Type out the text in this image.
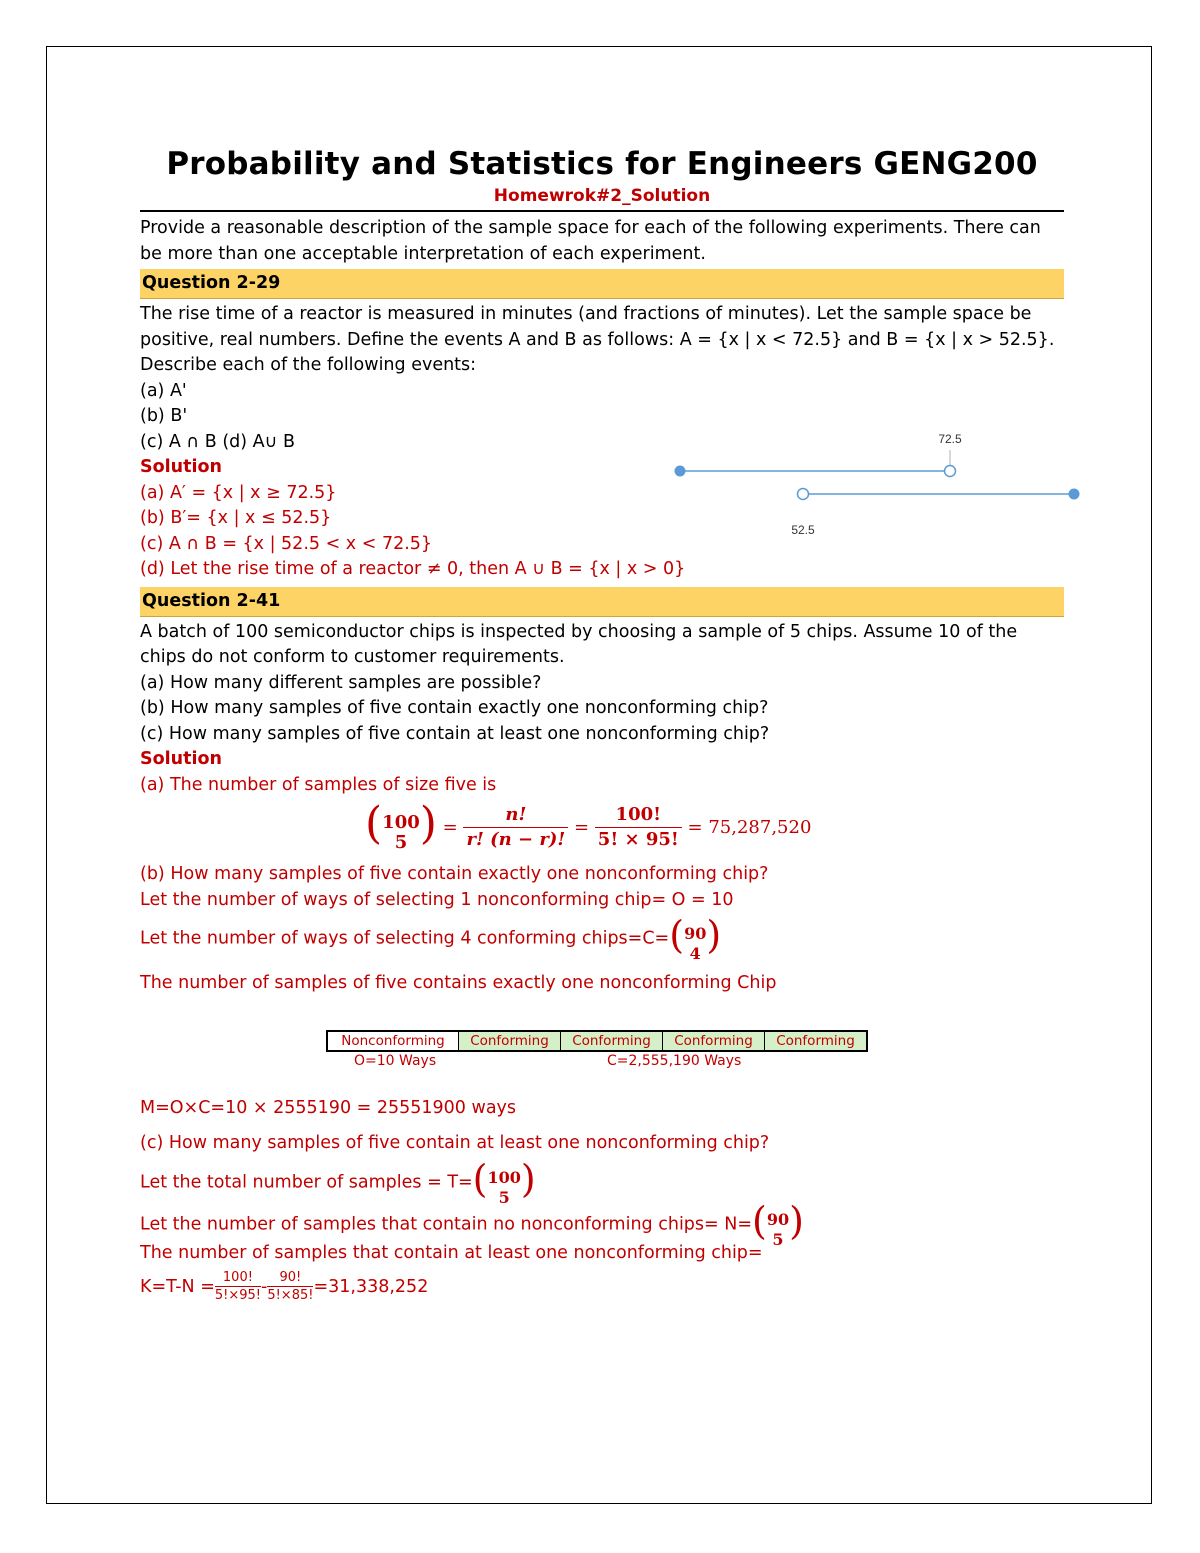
Probability and Statistics for Engineers GENG200
Homewrok#2_Solution

Provide a reasonable description of the sample space for each of the following experiments. There can be more than one acceptable interpretation of each experiment.

Question 2-29

The rise time of a reactor is measured in minutes (and fractions of minutes). Let the sample space be positive, real numbers. Define the events A and B as follows: A = {x | x < 72.5} and B = {x | x > 52.5}. Describe each of the following events:

(a) A'

(b) B'

(c) A ∩ B (d) A∪ B

Solution

(a) A′ = {x | x ≥ 72.5}

(b) B′= {x | x ≤ 52.5}

(c) A ∩ B = {x | 52.5 < x < 72.5}

(d) Let the rise time of a reactor ≠ 0, then A ∪ B = {x | x > 0}

Question 2-41

A batch of 100 semiconductor chips is inspected by choosing a sample of 5 chips. Assume 10 of the chips do not conform to customer requirements.

(a) How many different samples are possible?

(b) How many samples of five contain exactly one nonconforming chip?

(c) How many samples of five contain at least one nonconforming chip?

Solution

(a) The number of samples of size five is

( 100
5 ) = $\frac{n!}{r! (n - r)!} = \frac{100!}{5! \times 95!} = 75,287,520$

(b) How many samples of five contain exactly one nonconforming chip?

Let the number of ways of selecting 1 nonconforming chip= O = 10

Let the number of ways of selecting 4 conforming chips=C=( 90
4 )

The number of samples of five contains exactly one nonconforming Chip

Nonconforming	Conforming	Conforming	Conforming	Conforming
O=10 Ways	C=2,555,190 Ways

M=O×C=10 × 2555190 = 25551900 ways

(c) How many samples of five contain at least one nonconforming chip?

Let the total number of samples = T=( 100
5 )

Let the number of samples that contain no nonconforming chips= N=( 90
5 )

The number of samples that contain at least one nonconforming chip=

$K=T-N = \frac{100!}{5!\times 95!} - \frac{90!}{5!\times 85!} =31,338,252$

72.5
52.5
